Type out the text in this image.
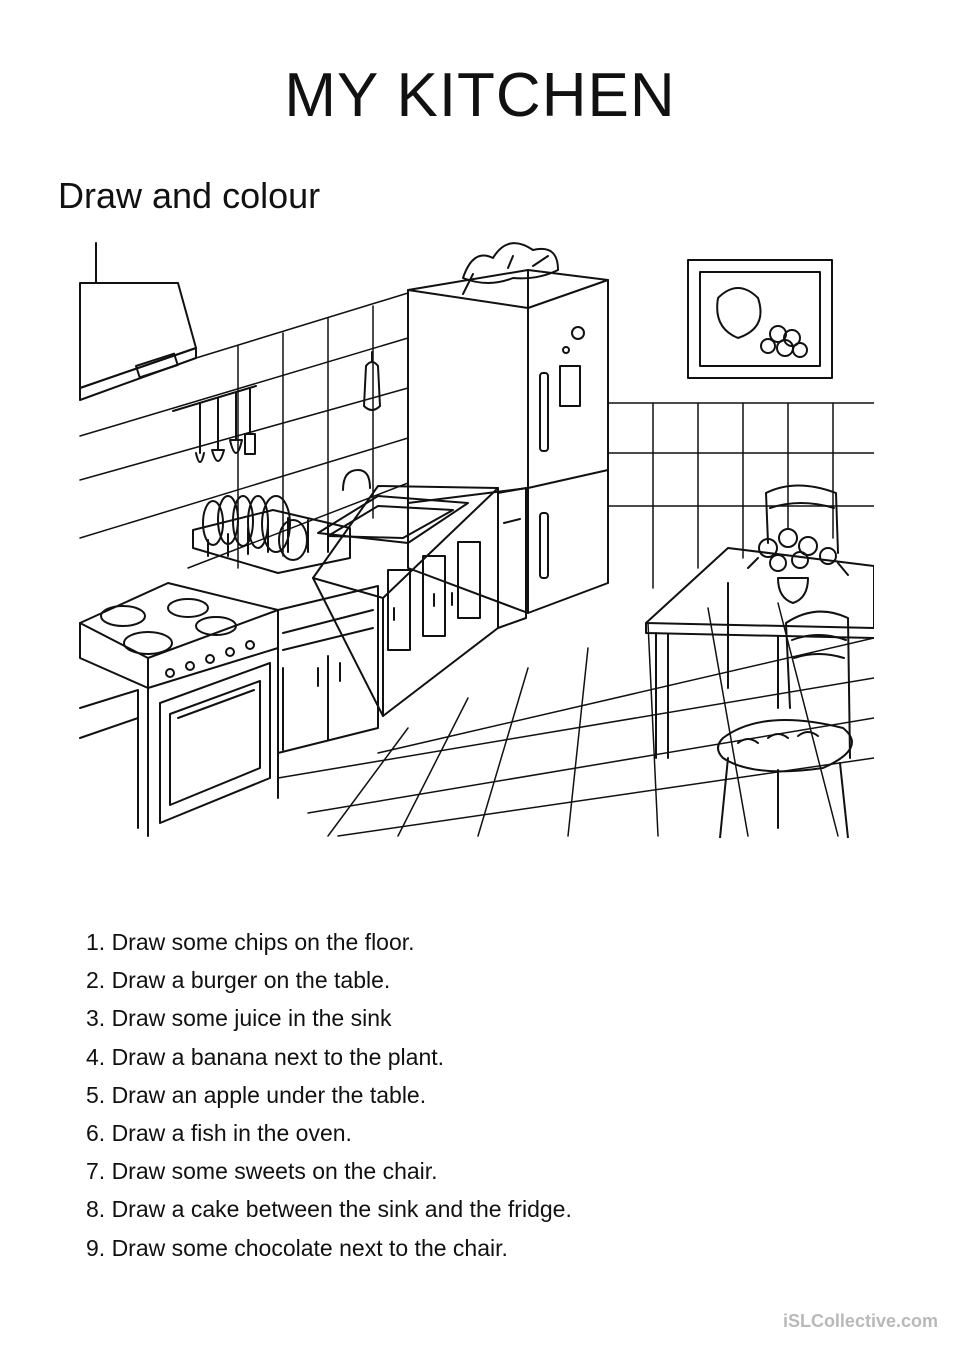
MY KITCHEN
Draw and colour
1. Draw some chips on the floor.
2. Draw a burger on the table.
3. Draw some juice in the sink
4. Draw a banana next to the plant.
5. Draw an apple under the table.
6. Draw a fish in the oven.
7. Draw some sweets on the chair.
8. Draw a cake between the sink and the fridge.
9. Draw some chocolate next to the chair.
iSLCollective.com
